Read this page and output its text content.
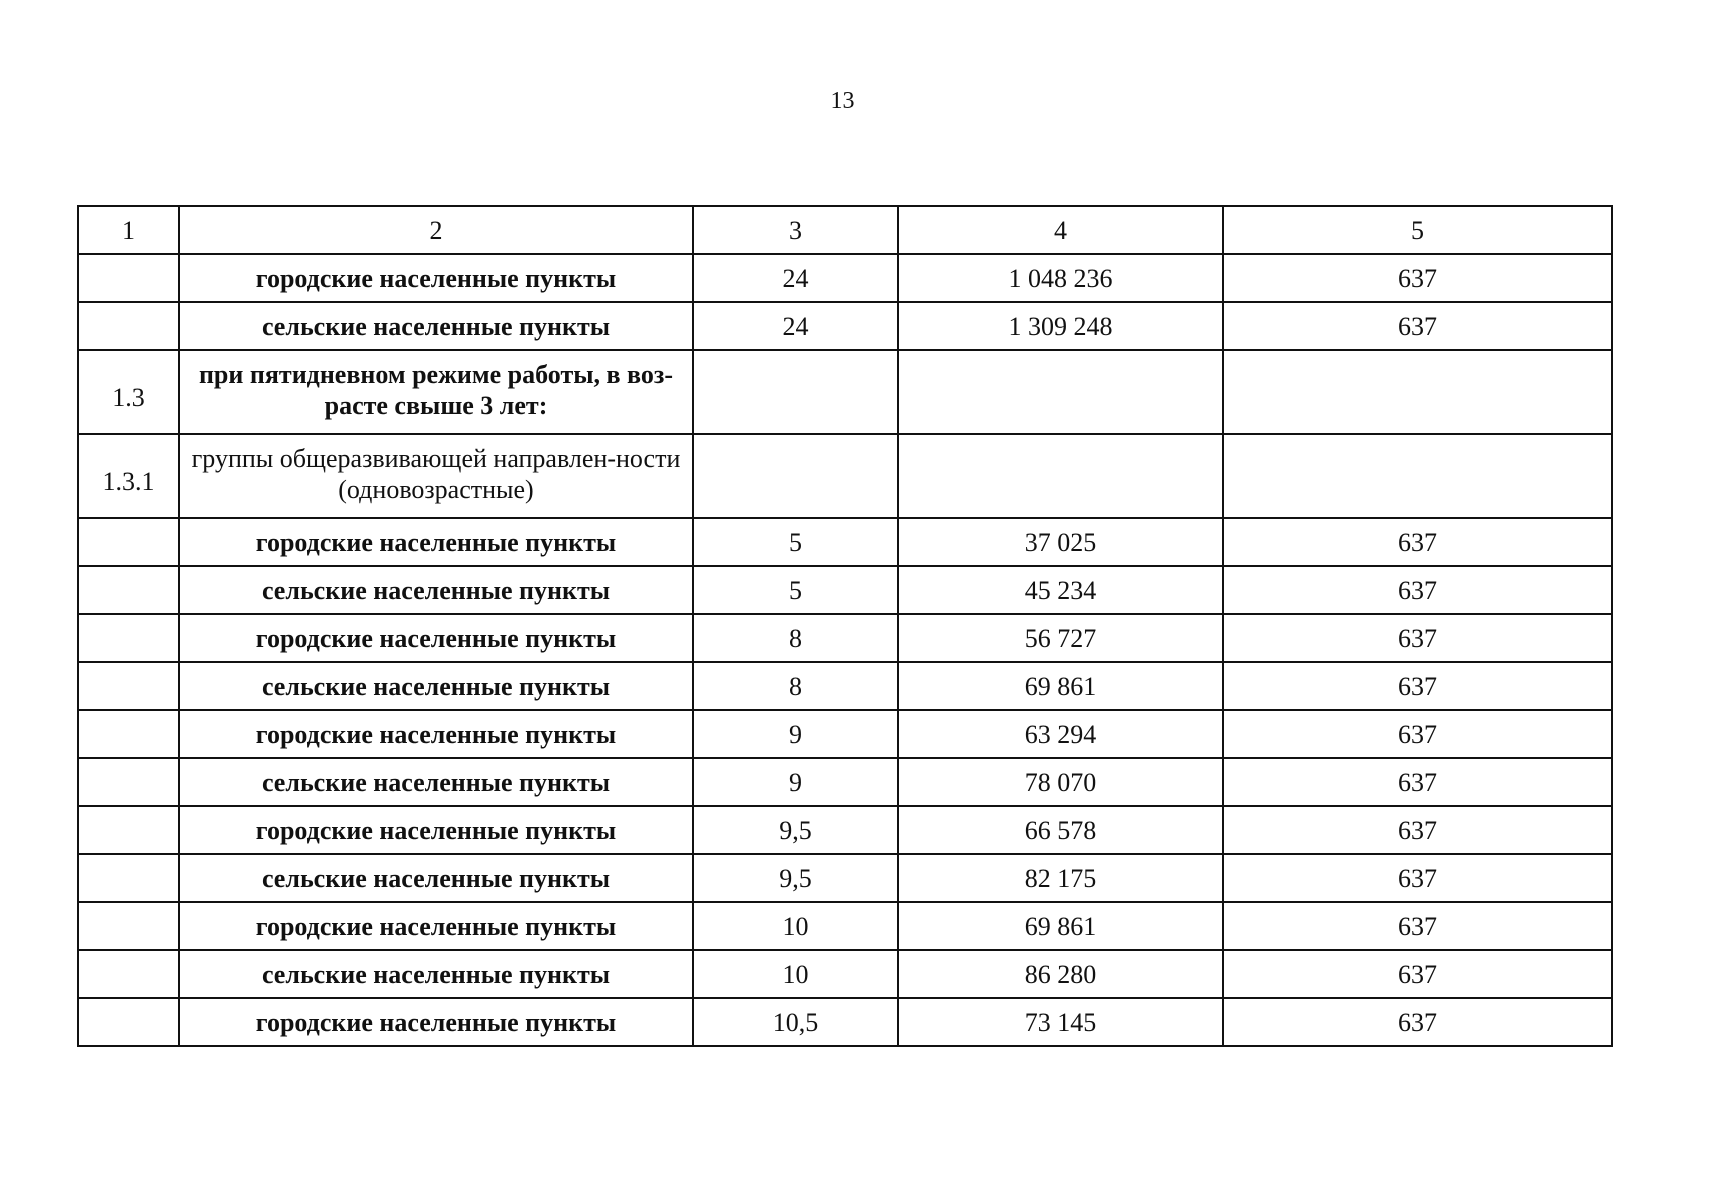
13
1	2	3	4	5
	городские населенные пункты	24	1 048 236	637
	сельские населенные пункты	24	1 309 248	637
1.3	при пятидневном режиме работы, в воз-раcте свыше 3 лет:			
1.3.1	группы общеразвивающей направлен-ности (одновозрастные)			
	городские населенные пункты	5	37 025	637
	сельские населенные пункты	5	45 234	637
	городские населенные пункты	8	56 727	637
	сельские населенные пункты	8	69 861	637
	городские населенные пункты	9	63 294	637
	сельские населенные пункты	9	78 070	637
	городские населенные пункты	9,5	66 578	637
	сельские населенные пункты	9,5	82 175	637
	городские населенные пункты	10	69 861	637
	сельские населенные пункты	10	86 280	637
	городские населенные пункты	10,5	73 145	637
